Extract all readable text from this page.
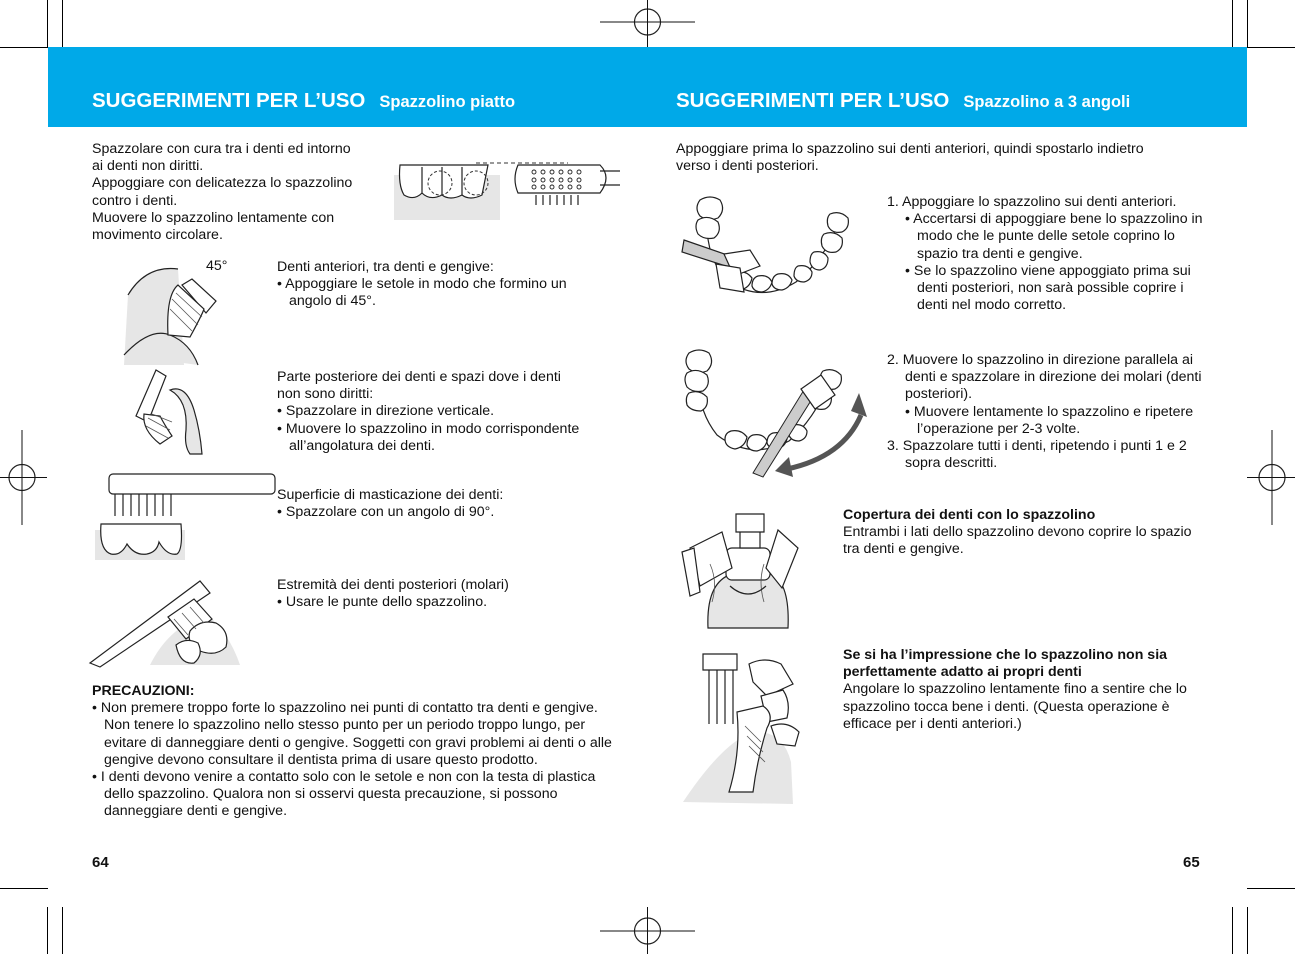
SUGGERIMENTI PER L’USO Spazzolino piatto	SUGGERIMENTI PER L’USO Spazzolino a 3 angoli

Spazzolare con cura tra i denti ed intorno

ai denti non diritti.

Appoggiare con delicatezza lo spazzolino

contro i denti.

Muovere lo spazzolino lentamente con

movimento circolare.

45°	Denti anteriori, tra denti e gengive:

• Appoggiare le setole in modo che formino un angolo di 45°.

Parte posteriore dei denti e spazi dove i denti

non sono diritti:

• Spazzolare in direzione verticale.

• Muovere lo spazzolino in modo corrispondente all’angolatura dei denti.

Superficie di masticazione dei denti:

• Spazzolare con un angolo di 90°.

Estremità dei denti posteriori (molari)

• Usare le punte dello spazzolino.

PRECAUZIONI:

• Non premere troppo forte lo spazzolino nei punti di contatto tra denti e gengive. Non tenere lo spazzolino nello stesso punto per un periodo troppo lungo, per evitare di danneggiare denti o gengive. Soggetti con gravi problemi ai denti o alle gengive devono consultare il dentista prima di usare questo prodotto.

• I denti devono venire a contatto solo con le setole e non con la testa di plastica dello spazzolino. Qualora non si osservi questa precauzione, si possono danneggiare denti e gengive.

64

Appoggiare prima lo spazzolino sui denti anteriori, quindi spostarlo indietro

verso i denti posteriori.

1. Appoggiare lo spazzolino sui denti anteriori.

• Accertarsi di appoggiare bene lo spazzolino in modo che le punte delle setole coprino lo spazio tra denti e gengive.

• Se lo spazzolino viene appoggiato prima sui denti posteriori, non sarà possible coprire i denti nel modo corretto.

2. Muovere lo spazzolino in direzione parallela ai denti e spazzolare in direzione dei molari (denti posteriori).

• Muovere lentamente lo spazzolino e ripetere l’operazione per 2-3 volte.

3. Spazzolare tutti i denti, ripetendo i punti 1 e 2 sopra descritti.

Copertura dei denti con lo spazzolino

Entrambi i lati dello spazzolino devono coprire lo spazio tra denti e gengive.

Se si ha l’impressione che lo spazzolino non sia perfettamente adatto ai propri denti

Angolare lo spazzolino lentamente fino a sentire che lo spazzolino tocca bene i denti. (Questa operazione è efficace per i denti anteriori.)

65
